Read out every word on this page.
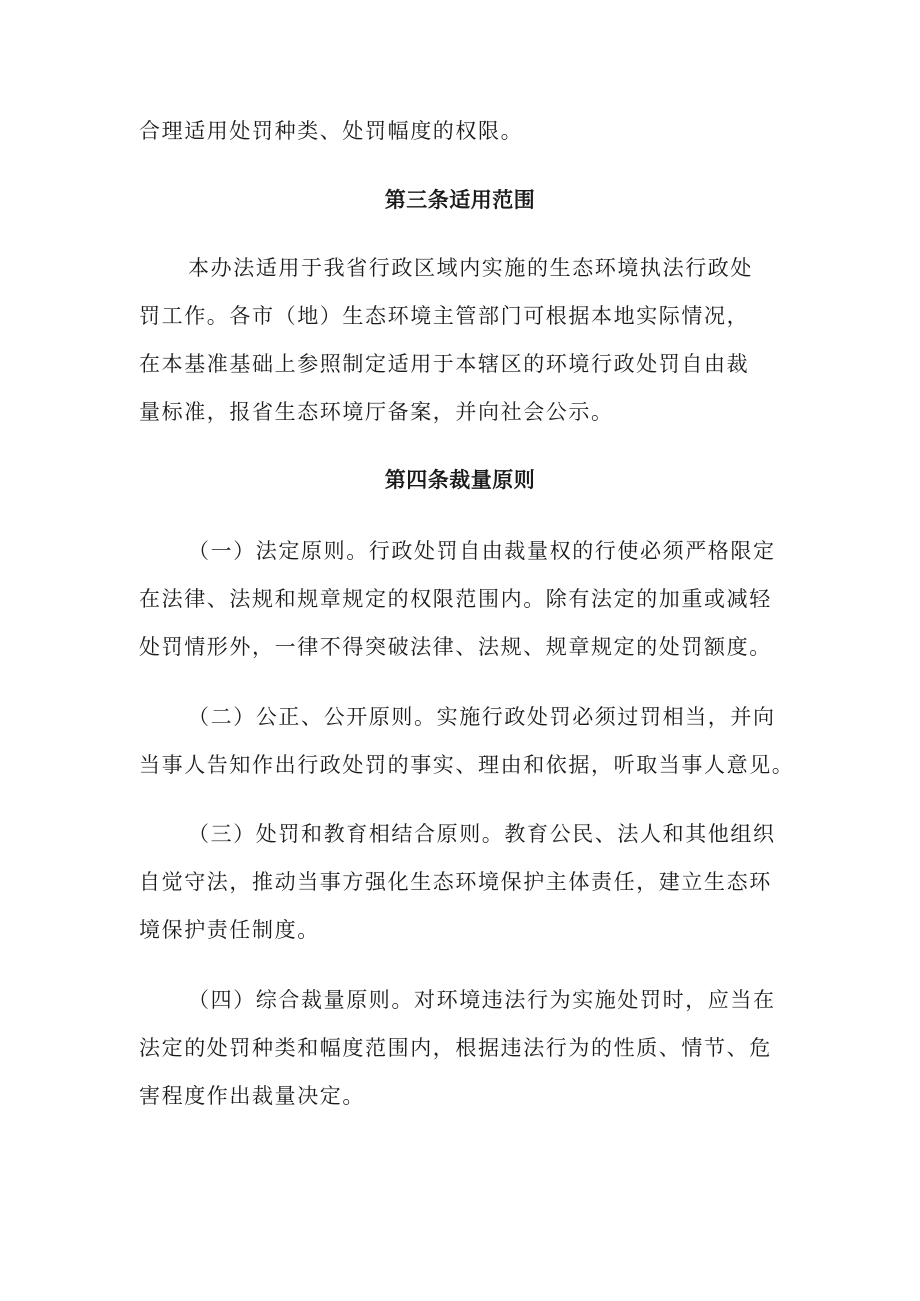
合理适用处罚种类、处罚幅度的权限。
第三条适用范围
本办法适用于我省行政区域内实施的生态环境执法行政处
罚工作。各市（地）生态环境主管部门可根据本地实际情况，
在本基准基础上参照制定适用于本辖区的环境行政处罚自由裁
量标准，报省生态环境厅备案，并向社会公示。
第四条裁量原则
（一）法定原则。行政处罚自由裁量权的行使必须严格限定
在法律、法规和规章规定的权限范围内。除有法定的加重或减轻
处罚情形外，一律不得突破法律、法规、规章规定的处罚额度。
（二）公正、公开原则。实施行政处罚必须过罚相当，并向
当事人告知作出行政处罚的事实、理由和依据，听取当事人意见。
（三）处罚和教育相结合原则。教育公民、法人和其他组织
自觉守法，推动当事方强化生态环境保护主体责任，建立生态环
境保护责任制度。
（四）综合裁量原则。对环境违法行为实施处罚时，应当在
法定的处罚种类和幅度范围内，根据违法行为的性质、情节、危
害程度作出裁量决定。
